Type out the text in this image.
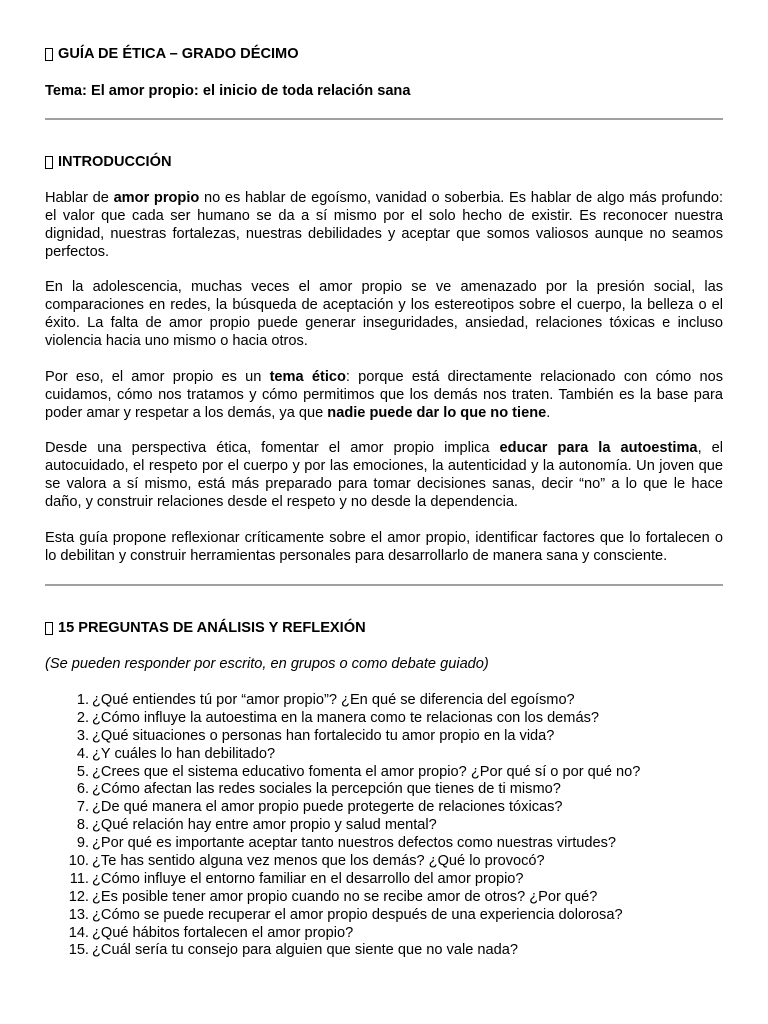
GUÍA DE ÉTICA – GRADO DÉCIMO
Tema: El amor propio: el inicio de toda relación sana
INTRODUCCIÓN

Hablar de amor propio no es hablar de egoísmo, vanidad o soberbia. Es hablar de algo más profundo: el valor que cada ser humano se da a sí mismo por el solo hecho de existir. Es reconocer nuestra dignidad, nuestras fortalezas, nuestras debilidades y aceptar que somos valiosos aunque no seamos perfectos.

En la adolescencia, muchas veces el amor propio se ve amenazado por la presión social, las comparaciones en redes, la búsqueda de aceptación y los estereotipos sobre el cuerpo, la belleza o el éxito. La falta de amor propio puede generar inseguridades, ansiedad, relaciones tóxicas e incluso violencia hacia uno mismo o hacia otros.

Por eso, el amor propio es un tema ético: porque está directamente relacionado con cómo nos cuidamos, cómo nos tratamos y cómo permitimos que los demás nos traten. También es la base para poder amar y respetar a los demás, ya que nadie puede dar lo que no tiene.

Desde una perspectiva ética, fomentar el amor propio implica educar para la autoestima, el autocuidado, el respeto por el cuerpo y por las emociones, la autenticidad y la autonomía. Un joven que se valora a sí mismo, está más preparado para tomar decisiones sanas, decir “no” a lo que le hace daño, y construir relaciones desde el respeto y no desde la dependencia.

Esta guía propone reflexionar críticamente sobre el amor propio, identificar factores que lo fortalecen o lo debilitan y construir herramientas personales para desarrollarlo de manera sana y consciente.

15 PREGUNTAS DE ANÁLISIS Y REFLEXIÓN

(Se pueden responder por escrito, en grupos o como debate guiado)

1. ¿Qué entiendes tú por “amor propio”? ¿En qué se diferencia del egoísmo?
2. ¿Cómo influye la autoestima en la manera como te relacionas con los demás?
3. ¿Qué situaciones o personas han fortalecido tu amor propio en la vida?
4. ¿Y cuáles lo han debilitado?
5. ¿Crees que el sistema educativo fomenta el amor propio? ¿Por qué sí o por qué no?
6. ¿Cómo afectan las redes sociales la percepción que tienes de ti mismo?
7. ¿De qué manera el amor propio puede protegerte de relaciones tóxicas?
8. ¿Qué relación hay entre amor propio y salud mental?
9. ¿Por qué es importante aceptar tanto nuestros defectos como nuestras virtudes?
10. ¿Te has sentido alguna vez menos que los demás? ¿Qué lo provocó?
11. ¿Cómo influye el entorno familiar en el desarrollo del amor propio?
12. ¿Es posible tener amor propio cuando no se recibe amor de otros? ¿Por qué?
13. ¿Cómo se puede recuperar el amor propio después de una experiencia dolorosa?
14. ¿Qué hábitos fortalecen el amor propio?
15. ¿Cuál sería tu consejo para alguien que siente que no vale nada?
